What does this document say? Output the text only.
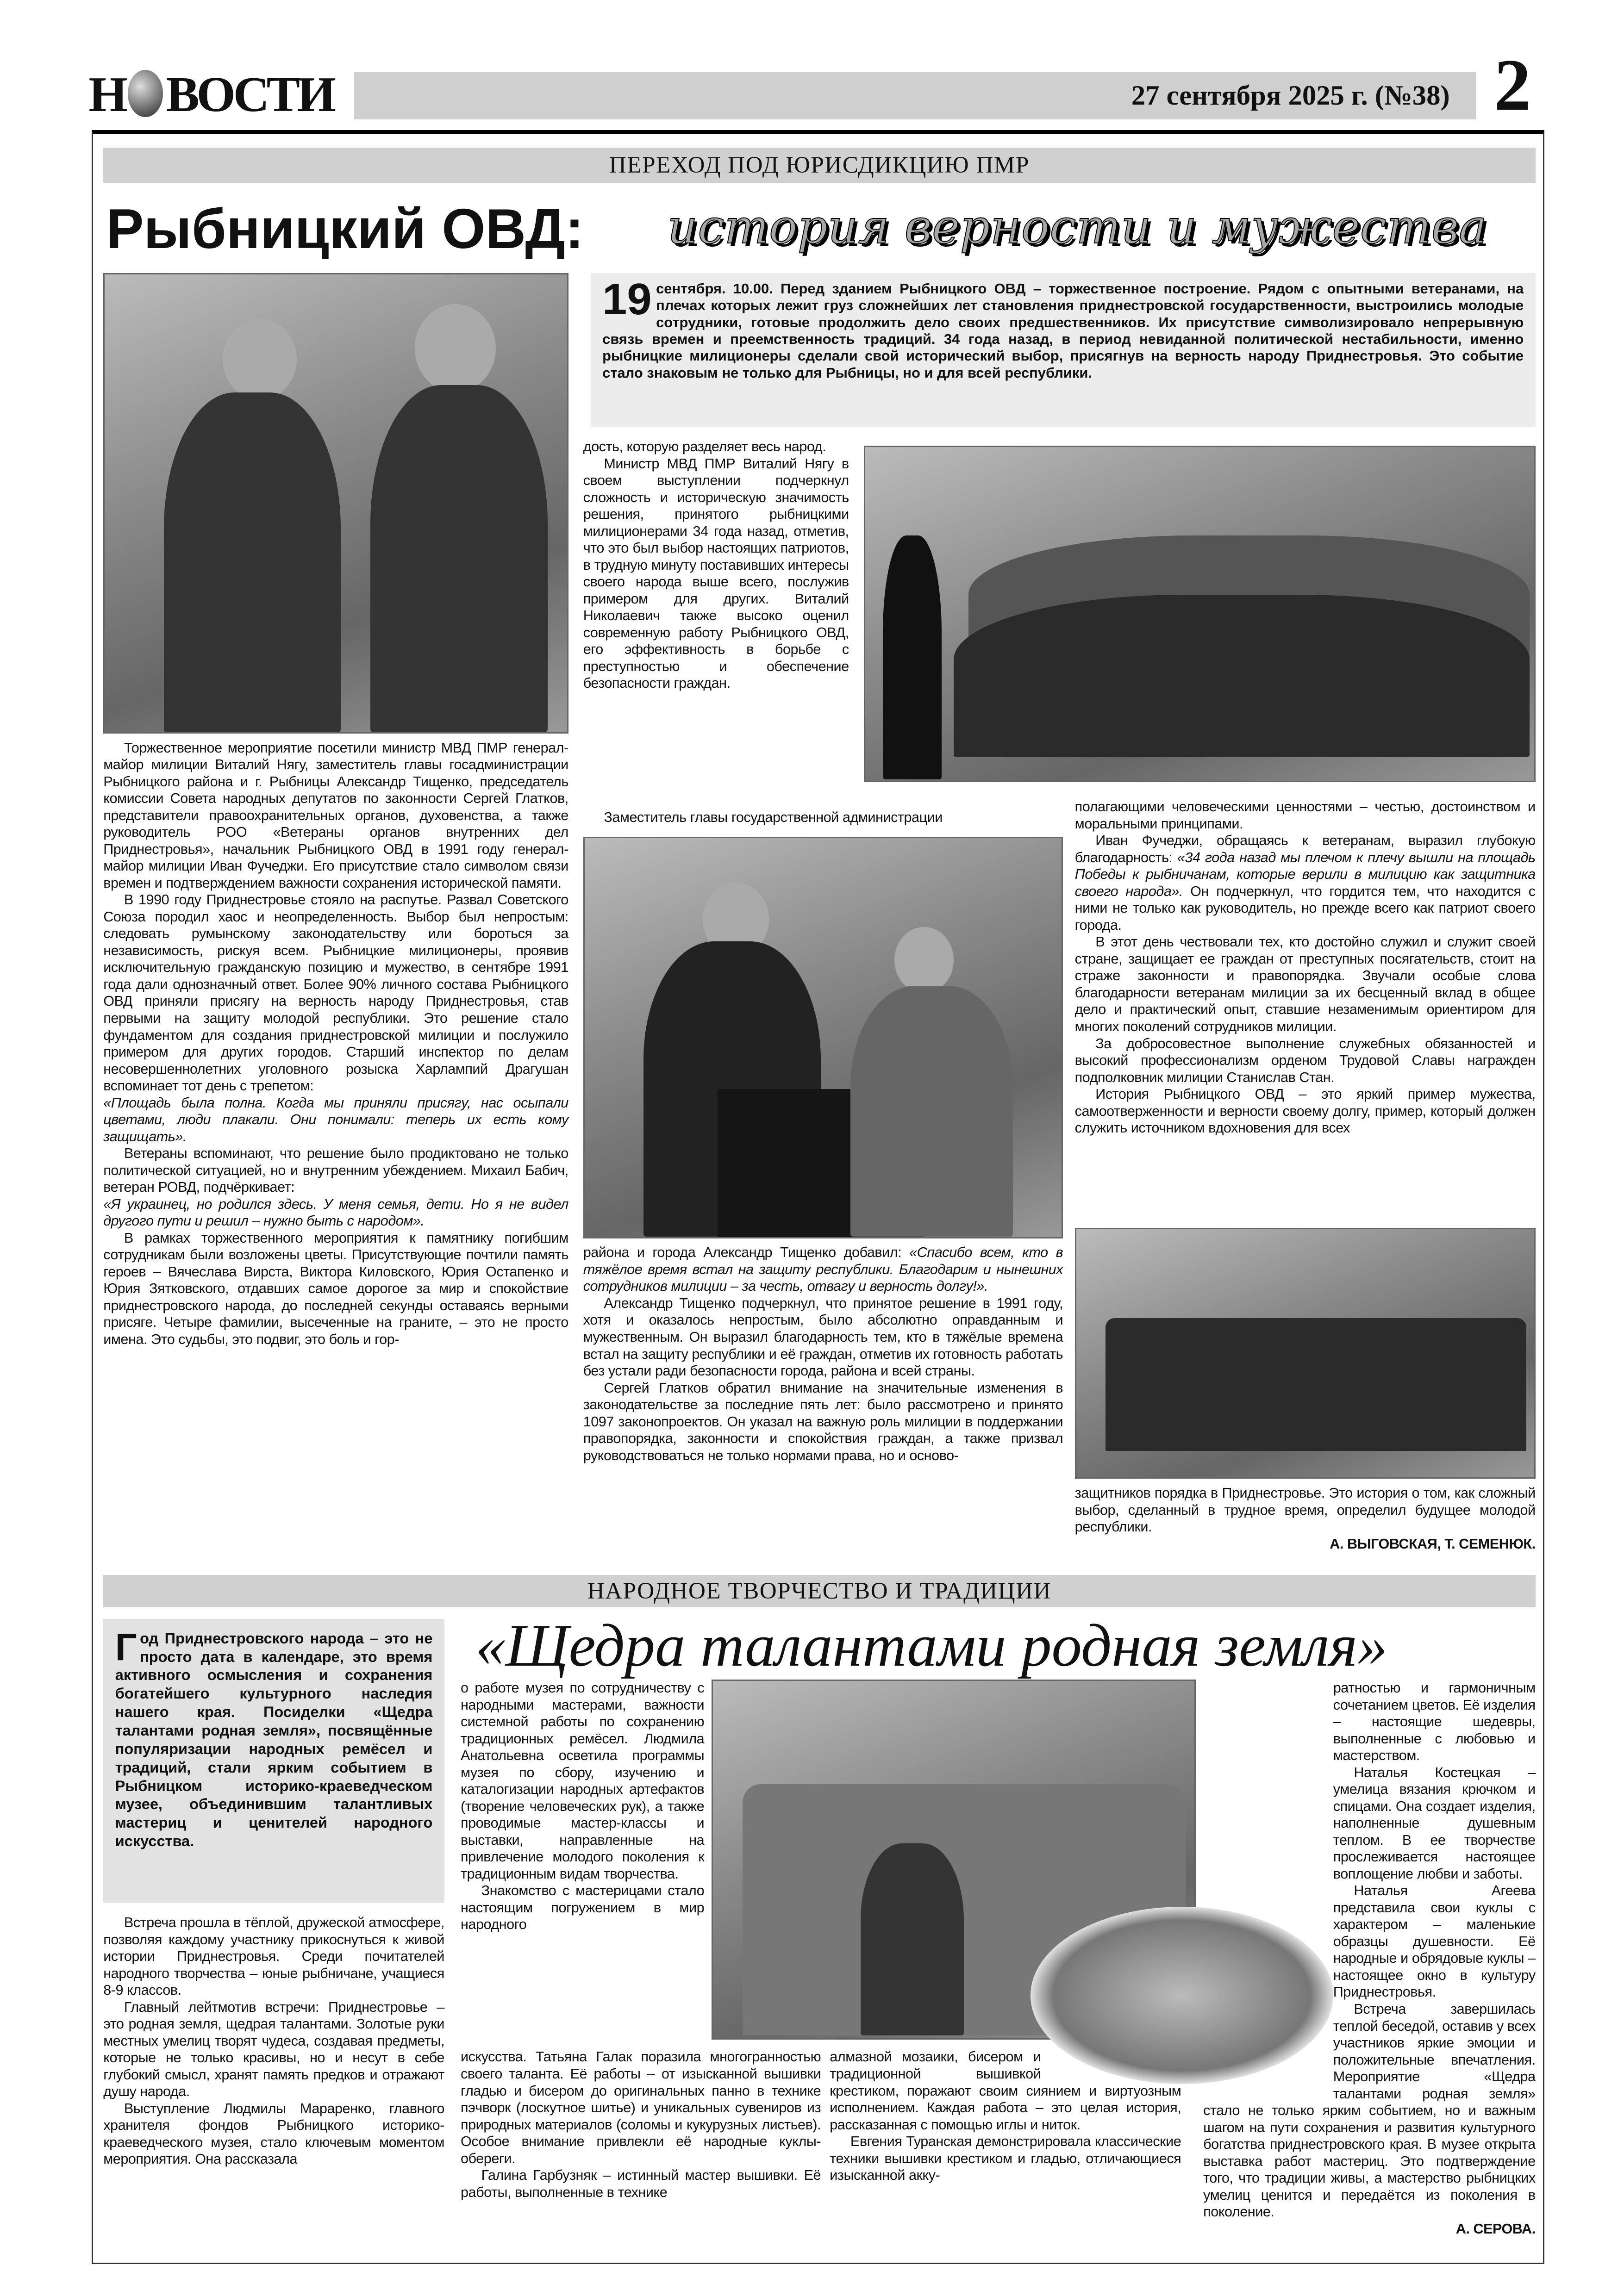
Н ВОСТИ	27 сентября 2025 г. (№38) 2
ПЕРЕХОД ПОД ЮРИСДИКЦИЮ ПМР
Рыбницкий ОВД: история верности и мужества
19 сентября. 10.00. Перед зданием Рыбницкого ОВД – торжественное построение. Рядом с опытными ветеранами, на плечах которых лежит груз сложнейших лет становления приднестровской государственности, выстроились молодые сотрудники, готовые продолжить дело своих предшественников. Их присутствие символизировало непрерывную связь времен и преемственность традиций. 34 года назад, в период невиданной политической нестабильности, именно рыбницкие милиционеры сделали свой исторический выбор, присягнув на верность народу Приднестровья. Это событие стало знаковым не только для Рыбницы, но и для всей республики.

Торжественное мероприятие посетили министр МВД ПМР генерал-майор милиции Виталий Нягу, заместитель главы госадминистрации Рыбницкого района и г. Рыбницы Александр Тищенко, председатель комиссии Совета народных депутатов по законности Сергей Глатков, представители правоохранительных органов, духовенства, а также руководитель РОО «Ветераны органов внутренних дел Приднестровья», начальник Рыбницкого ОВД в 1991 году генерал-майор милиции Иван Фучеджи. Его присутствие стало символом связи времен и подтверждением важности сохранения исторической памяти.

В 1990 году Приднестровье стояло на распутье. Развал Советского Союза породил хаос и неопределенность. Выбор был непростым: следовать румынскому законодательству или бороться за независимость, рискуя всем. Рыбницкие милиционеры, проявив исключительную гражданскую позицию и мужество, в сентябре 1991 года дали однозначный ответ. Более 90% личного состава Рыбницкого ОВД приняли присягу на верность народу Приднестровья, став первыми на защиту молодой республики. Это решение стало фундаментом для создания приднестровской милиции и послужило примером для других городов. Старший инспектор по делам несовершеннолетних уголовного розыска Харлампий Драгушан вспоминает тот день с трепетом:

«Площадь была полна. Когда мы приняли присягу, нас осыпали цветами, люди плакали. Они понимали: теперь их есть кому защищать».

Ветераны вспоминают, что решение было продиктовано не только политической ситуацией, но и внутренним убеждением. Михаил Бабич, ветеран РОВД, подчёркивает:

«Я украинец, но родился здесь. У меня семья, дети. Но я не видел другого пути и решил – нужно быть с народом».

В рамках торжественного мероприятия к памятнику погибшим сотрудникам были возложены цветы. Присутствующие почтили память героев – Вячеслава Вирста, Виктора Киловского, Юрия Остапенко и Юрия Зятковского, отдавших самое дорогое за мир и спокойствие приднестровского народа, до последней секунды оставаясь верными присяге. Четыре фамилии, высеченные на граните, – это не просто имена. Это судьбы, это подвиг, это боль и гор-

дость, которую разделяет весь народ.

Министр МВД ПМР Виталий Нягу в своем выступлении подчеркнул сложность и историческую значимость решения, принятого рыбницкими милиционерами 34 года назад, отметив, что это был выбор настоящих патриотов, в трудную минуту поставивших интересы своего народа выше всего, послужив примером для других. Виталий Николаевич также высоко оценил современную работу Рыбницкого ОВД, его эффективность в борьбе с преступностью и обеспечение безопасности граждан.

Заместитель главы государственной администрации

района и города Александр Тищенко добавил: «Спасибо всем, кто в тяжёлое время встал на защиту республики. Благодарим и нынешних сотрудников милиции – за честь, отвагу и верность долгу!».

Александр Тищенко подчеркнул, что принятое решение в 1991 году, хотя и оказалось непростым, было абсолютно оправданным и мужественным. Он выразил благодарность тем, кто в тяжёлые времена встал на защиту республики и её граждан, отметив их готовность работать без устали ради безопасности города, района и всей страны.

Сергей Глатков обратил внимание на значительные изменения в законодательстве за последние пять лет: было рассмотрено и принято 1097 законопроектов. Он указал на важную роль милиции в поддержании правопорядка, законности и спокойствия граждан, а также призвал руководствоваться не только нормами права, но и осново-

полагающими человеческими ценностями – честью, достоинством и моральными принципами.

Иван Фучеджи, обращаясь к ветеранам, выразил глубокую благодарность: «34 года назад мы плечом к плечу вышли на площадь Победы к рыбничанам, которые верили в милицию как защитника своего народа». Он подчеркнул, что гордится тем, что находится с ними не только как руководитель, но прежде всего как патриот своего города.

В этот день чествовали тех, кто достойно служил и служит своей стране, защищает ее граждан от преступных посягательств, стоит на страже законности и правопорядка. Звучали особые слова благодарности ветеранам милиции за их бесценный вклад в общее дело и практический опыт, ставшие незаменимым ориентиром для многих поколений сотрудников милиции.

За добросовестное выполнение служебных обязанностей и высокий профессионализм орденом Трудовой Славы награжден подполковник милиции Станислав Стан.

История Рыбницкого ОВД – это яркий пример мужества, самоотверженности и верности своему долгу, пример, который должен служить источником вдохновения для всех

защитников порядка в Приднестровье. Это история о том, как сложный выбор, сделанный в трудное время, определил будущее молодой республики.

А. ВЫГОВСКАЯ, Т. СЕМЕНЮК.
НАРОДНОЕ ТВОРЧЕСТВО И ТРАДИЦИИ
Г од Приднестровского народа – это не просто дата в календаре, это время активного осмысления и сохранения богатейшего культурного наследия нашего края. Посиделки «Щедра талантами родная земля», посвящённые популяризации народных ремёсел и традиций, стали ярким событием в Рыбницком историко-краеведческом музее, объединившим талантливых мастериц и ценителей народного искусства.
«Щедра талантами родная земля»

Встреча прошла в тёплой, дружеской атмосфере, позволяя каждому участнику прикоснуться к живой истории Приднестровья. Среди почитателей народного творчества – юные рыбничане, учащиеся 8-9 классов.

Главный лейтмотив встречи: Приднестровье – это родная земля, щедрая талантами. Золотые руки местных умелиц творят чудеса, создавая предметы, которые не только красивы, но и несут в себе глубокий смысл, хранят память предков и отражают душу народа.

Выступление Людмилы Мараренко, главного хранителя фондов Рыбницкого историко-краеведческого музея, стало ключевым моментом мероприятия. Она рассказала

о работе музея по сотрудничеству с народными мастерами, важности системной работы по сохранению традиционных ремёсел. Людмила Анатольевна осветила программы музея по сбору, изучению и каталогизации народных артефактов (творение человеческих рук), а также проводимые мастер-классы и выставки, направленные на привлечение молодого поколения к традиционным видам творчества.

Знакомство с мастерицами стало настоящим погружением в мир народного

искусства. Татьяна Галак поразила многогранностью своего таланта. Её работы – от изысканной вышивки гладью и бисером до оригинальных панно в технике пэчворк (лоскутное шитье) и уникальных сувениров из природных материалов (соломы и кукурузных листьев). Особое внимание привлекли её народные куклы-обереги.

Галина Гарбузняк – истинный мастер вышивки. Её работы, выполненные в технике

алмазной мозаики, бисером и традиционной вышивкой крестиком, поражают своим сиянием и виртуозным исполнением. Каждая работа – это целая история, рассказанная с помощью иглы и ниток.

Евгения Туранская демонстрировала классические техники вышивки крестиком и гладью, отличающиеся изысканной акку-

ратностью и гармоничным сочетанием цветов. Её изделия – настоящие шедевры, выполненные с любовью и мастерством.

Наталья Костецкая – умелица вязания крючком и спицами. Она создает изделия, наполненные душевным теплом. В ее творчестве прослеживается настоящее воплощение любви и заботы.

Наталья Агеева представила свои куклы с характером – маленькие образцы душевности. Её народные и обрядовые куклы – настоящее окно в культуру Приднестровья.

Встреча завершилась теплой беседой, оставив у всех участников яркие эмоции и положительные впечатления. Мероприятие «Щедра талантами родная земля» стало не только ярким событием, но и важным шагом на пути сохранения и развития культурного богатства приднестровского края. В музее открыта выставка работ мастериц. Это подтверждение того, что традиции живы, а мастерство рыбницких умелиц ценится и передаётся из поколения в поколение.

А. СЕРОВА.
